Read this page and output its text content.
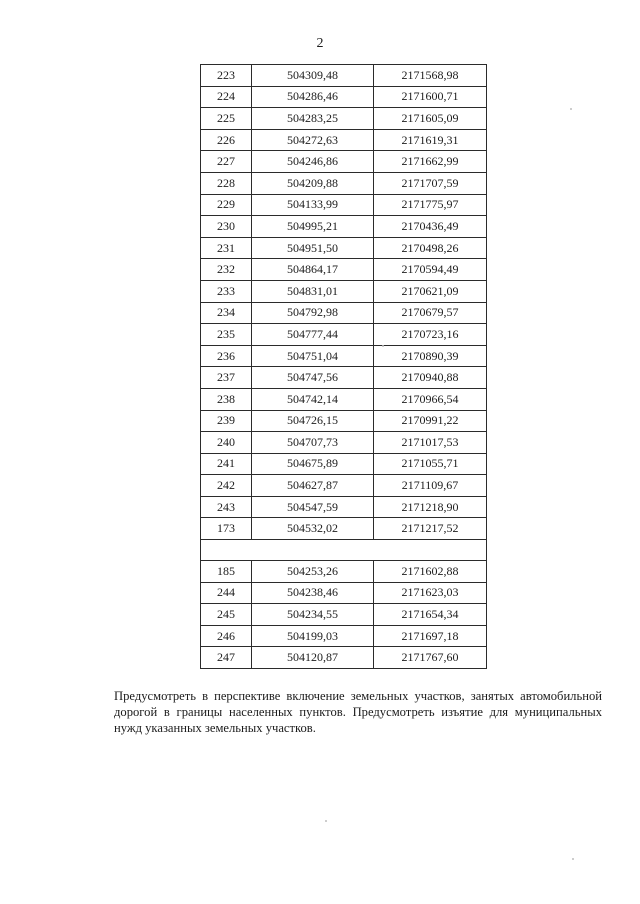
2
223	504309,48	2171568,98
224	504286,46	2171600,71
225	504283,25	2171605,09
226	504272,63	2171619,31
227	504246,86	2171662,99
228	504209,88	2171707,59
229	504133,99	2171775,97
230	504995,21	2170436,49
231	504951,50	2170498,26
232	504864,17	2170594,49
233	504831,01	2170621,09
234	504792,98	2170679,57
235	504777,44	2170723,16
236	504751,04	2170890,39
237	504747,56	2170940,88
238	504742,14	2170966,54
239	504726,15	2170991,22
240	504707,73	2171017,53
241	504675,89	2171055,71
242	504627,87	2171109,67
243	504547,59	2171218,90
173	504532,02	2171217,52

185	504253,26	2171602,88
244	504238,46	2171623,03
245	504234,55	2171654,34
246	504199,03	2171697,18
247	504120,87	2171767,60
Предусмотреть в перспективе включение земельных участков, занятых автомобильной дорогой в границы населенных пунктов. Предусмотреть изъятие для муниципальных нужд указанных земельных участков.
